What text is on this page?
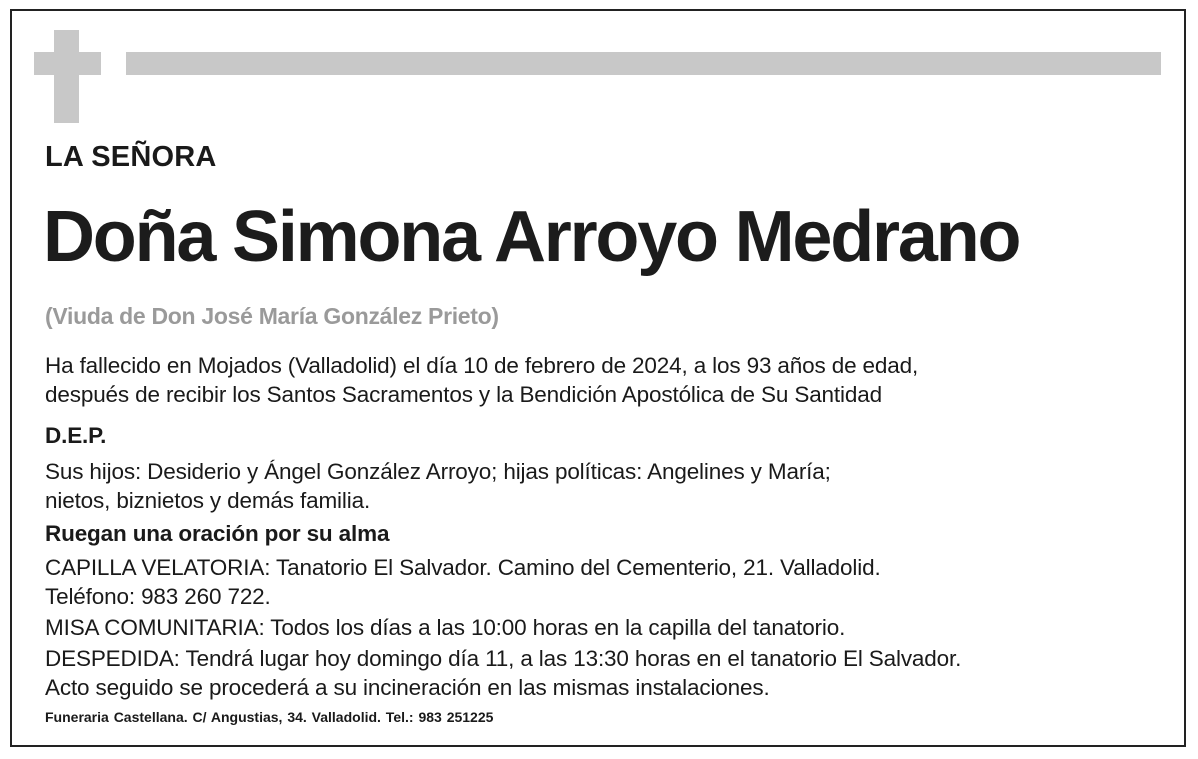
LA SEÑORA
Doña Simona Arroyo Medrano
(Viuda de Don José María González Prieto)
Ha fallecido en Mojados (Valladolid) el día 10 de febrero de 2024, a los 93 años de edad,
después de recibir los Santos Sacramentos y la Bendición Apostólica de Su Santidad
D.E.P.
Sus hijos: Desiderio y Ángel González Arroyo; hijas políticas: Angelines y María;
nietos, biznietos y demás familia.
Ruegan una oración por su alma
CAPILLA VELATORIA: Tanatorio El Salvador. Camino del Cementerio, 21. Valladolid.
Teléfono: 983 260 722.
MISA COMUNITARIA: Todos los días a las 10:00 horas en la capilla del tanatorio.
DESPEDIDA: Tendrá lugar hoy domingo día 11, a las 13:30 horas en el tanatorio El Salvador.
Acto seguido se procederá a su incineración en las mismas instalaciones.
Funeraria Castellana. C/ Angustias, 34. Valladolid. Tel.: 983 251225
